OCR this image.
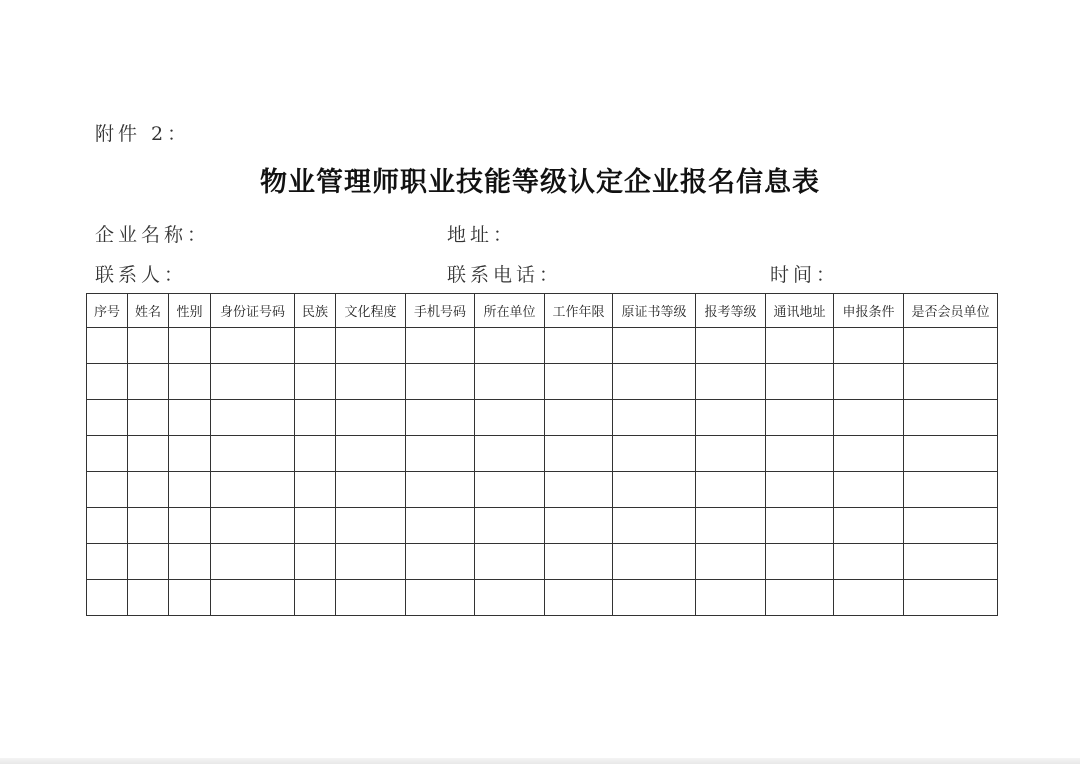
附件 2：
物业管理师职业技能等级认定企业报名信息表
企业名称：	地址：
联系人：	联系电话：	时间：
序号	姓名	性别	身份证号码	民族	文化程度	手机号码	所在单位	工作年限	原证书等级	报考等级	通讯地址	申报条件	是否会员单位
